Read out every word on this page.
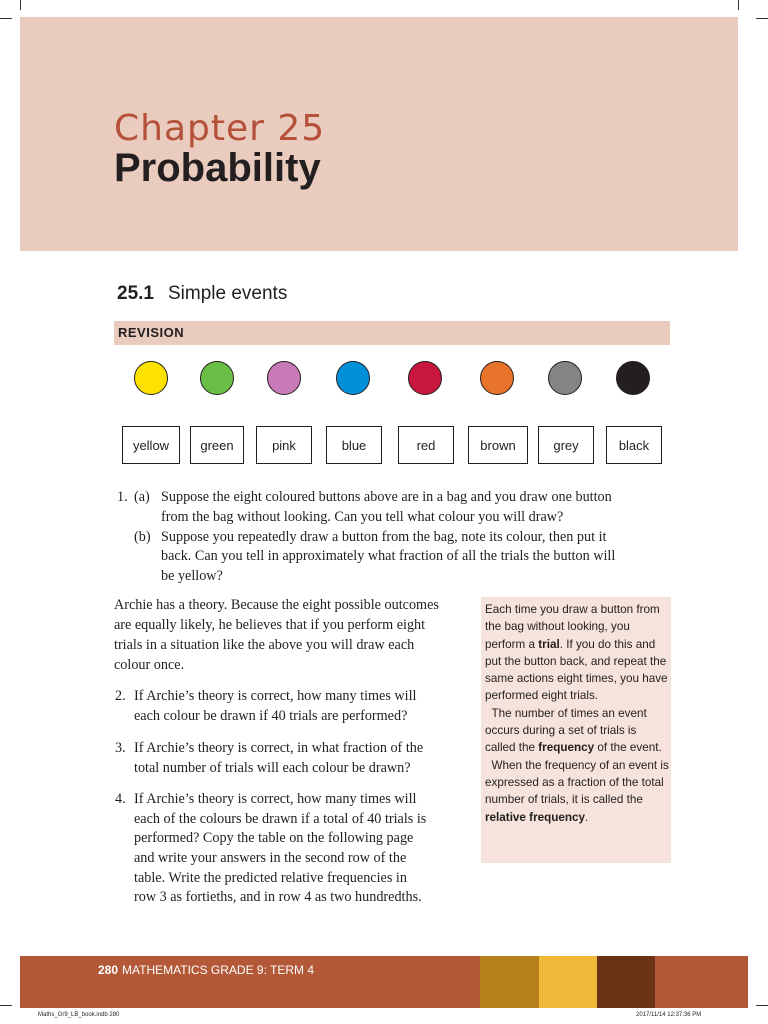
Chapter 25
Probability
25.1 Simple events
REVISION
yellow	green	pink	blue	red	brown	grey	black
1. (a) Suppose the eight coloured buttons above are in a bag and you draw one button
from the bag without looking. Can you tell what colour you will draw?
(b) Suppose you repeatedly draw a button from the bag, note its colour, then put it
back. Can you tell in approximately what fraction of all the trials the button will
be yellow?
Archie has a theory. Because the eight possible outcomes
are equally likely, he believes that if you perform eight
trials in a situation like the above you will draw each
colour once.
2. If Archie’s theory is correct, how many times will
each colour be drawn if 40 trials are performed?
3. If Archie’s theory is correct, in what fraction of the
total number of trials will each colour be drawn?
4. If Archie’s theory is correct, how many times will
each of the colours be drawn if a total of 40 trials is
performed? Copy the table on the following page
and write your answers in the second row of the
table. Write the predicted relative frequencies in
row 3 as fortieths, and in row 4 as two hundredths.

Each time you draw a button from the bag without looking, you perform a trial. If you do this and put the button back, and repeat the same actions eight times, you have performed eight trials.

The number of times an event occurs during a set of trials is called the frequency of the event.

When the frequency of an event is expressed as a fraction of the total number of trials, it is called the relative frequency.

280 MATHEMATICS GRADE 9: TERM 4
Maths_Gr9_LB_book.indb 280	2017/11/14 12:37:36 PM
